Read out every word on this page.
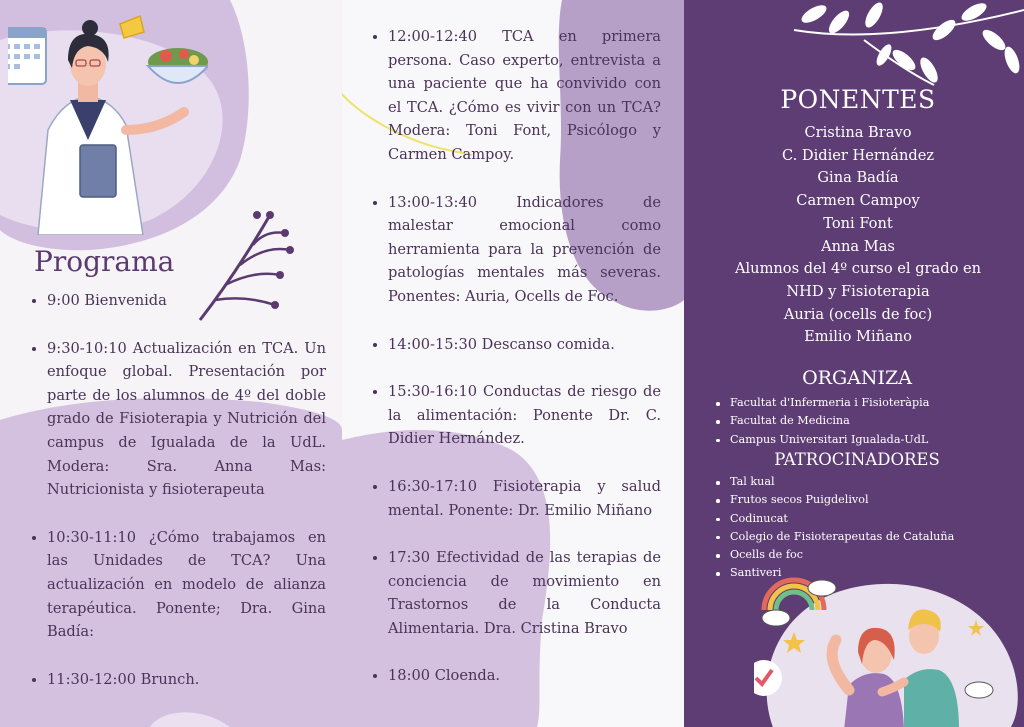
Programa
9:00 Bienvenida
9:30-10:10 Actualización en TCA. Un enfoque global. Presentación por parte de los alumnos de 4º del doble grado de Fisioterapia y Nutrición del campus de Igualada de la UdL. Modera: Sra. Anna Mas: Nutricionista y fisioterapeuta
10:30-11:10 ¿Cómo trabajamos en las Unidades de TCA? Una actualización en modelo de alianza terapéutica. Ponente; Dra. Gina Badía:
11:30-12:00 Brunch.
12:00-12:40 TCA en primera persona. Caso experto, entrevista a una paciente que ha convivido con el TCA. ¿Cómo es vivir con un TCA? Modera: Toni Font, Psicólogo y Carmen Campoy.
13:00-13:40 Indicadores de malestar emocional como herramienta para la prevención de patologías mentales más severas. Ponentes: Auria, Ocells de Foc.
14:00-15:30 Descanso comida.
15:30-16:10 Conductas de riesgo de la alimentación: Ponente Dr. C. Didier Hernández.
16:30-17:10 Fisioterapia y salud mental. Ponente: Dr. Emilio Miñano
17:30 Efectividad de las terapias de conciencia de movimiento en Trastornos de la Conducta Alimentaria. Dra. Cristina Bravo
18:00 Cloenda.
PONENTES
Cristina Bravo
C. Didier Hernández
Gina Badía
Carmen Campoy
Toni Font
Anna Mas
Alumnos del 4º curso el grado en
NHD y Fisioterapia
Auria (ocells de foc)
Emilio Miñano
ORGANIZA
Facultat d'Infermeria i Fisioteràpia
Facultat de Medicina
Campus Universitari Igualada-UdL
PATROCINADORES
Tal kual
Frutos secos Puigdelivol
Codinucat
Colegio de Fisioterapeutas de Cataluña
Ocells de foc
Santiveri
